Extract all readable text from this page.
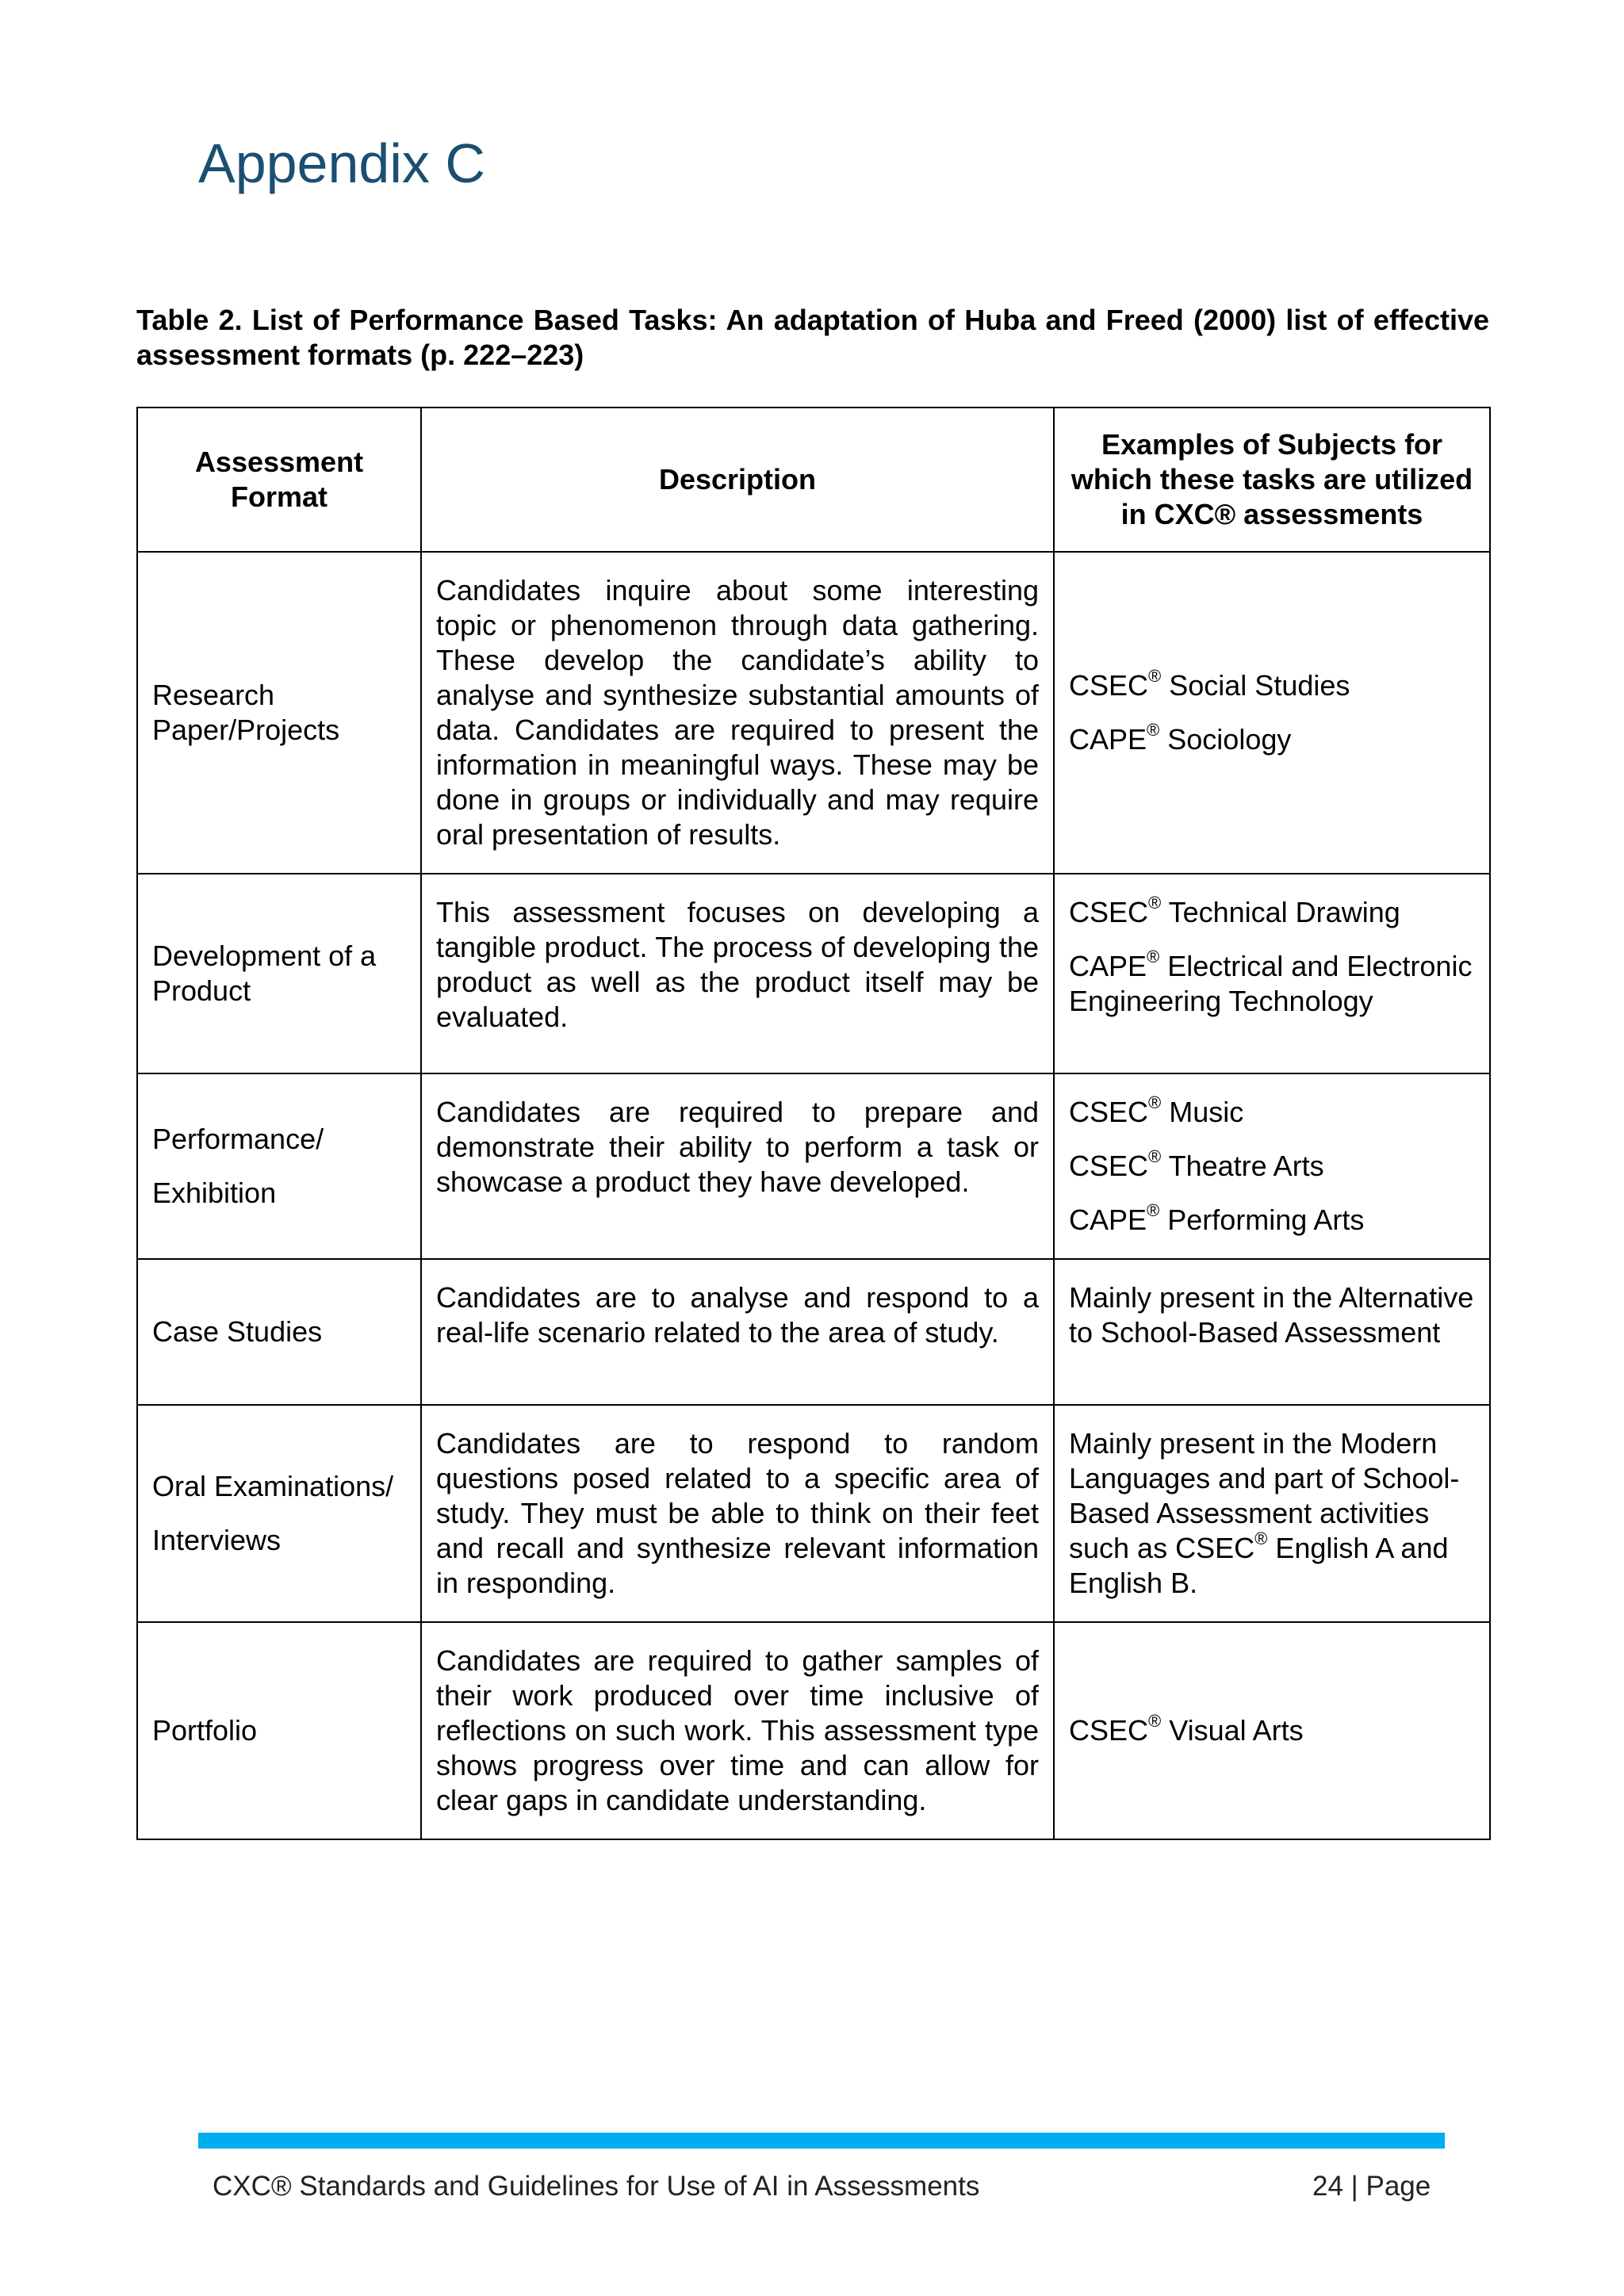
Appendix C
Table 2. List of Performance Based Tasks: An adaptation of Huba and Freed (2000) list of effective assessment formats (p. 222–223)
Assessment Format	Description	Examples of Subjects for which these tasks are utilized in CXC® assessments

Research Paper/Projects	Candidates inquire about some interesting topic or phenomenon through data gathering. These develop the candidate’s ability to analyse and synthesize substantial amounts of data. Candidates are required to present the information in meaningful ways. These may be done in groups or individually and may require oral presentation of results.	CSEC® Social Studies
CAPE® Sociology

Development of a Product	This assessment focuses on developing a tangible product. The process of developing the product as well as the product itself may be evaluated.	CSEC® Technical Drawing
CAPE® Electrical and Electronic Engineering Technology

Performance/
Exhibition	Candidates are required to prepare and demonstrate their ability to perform a task or showcase a product they have developed.	CSEC® Music
CSEC® Theatre Arts
CAPE® Performing Arts

Case Studies	Candidates are to analyse and respond to a real-life scenario related to the area of study.	Mainly present in the Alternative to School-Based Assessment

Oral Examinations/
Interviews	Candidates are to respond to random questions posed related to a specific area of study. They must be able to think on their feet and recall and synthesize relevant information in responding.	Mainly present in the Modern Languages and part of School-Based Assessment activities such as CSEC® English A and English B.

Portfolio	Candidates are required to gather samples of their work produced over time inclusive of reflections on such work. This assessment type shows progress over time and can allow for clear gaps in candidate understanding.	CSEC® Visual Arts
CXC® Standards and Guidelines for Use of AI in Assessments	24 | Page
